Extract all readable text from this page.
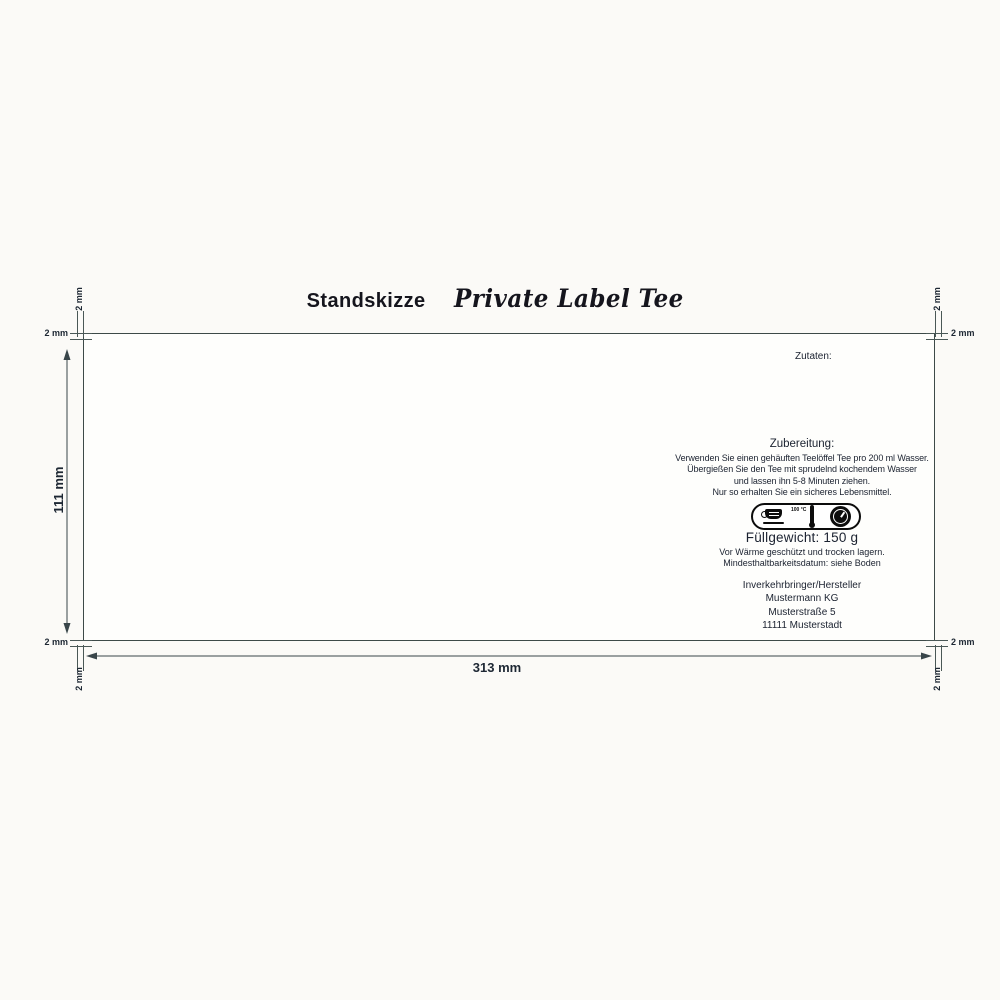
Standskizze Private Label Tee
Zutaten:
Zubereitung:
Verwenden Sie einen gehäuften Teelöffel Tee pro 200 ml Wasser.
Übergießen Sie den Tee mit sprudelnd kochendem Wasser
und lassen ihn 5-8 Minuten ziehen.
Nur so erhalten Sie ein sicheres Lebensmittel.
100 °C
Füllgewicht: 150 g
Vor Wärme geschützt und trocken lagern.
Mindesthaltbarkeitsdatum: siehe Boden
Inverkehrbringer/Hersteller
Mustermann KG
Musterstraße 5
11111 Musterstadt
111 mm
313 mm
2 mm
2 mm
2 mm
2 mm
2 mm
2 mm
2 mm
2 mm
